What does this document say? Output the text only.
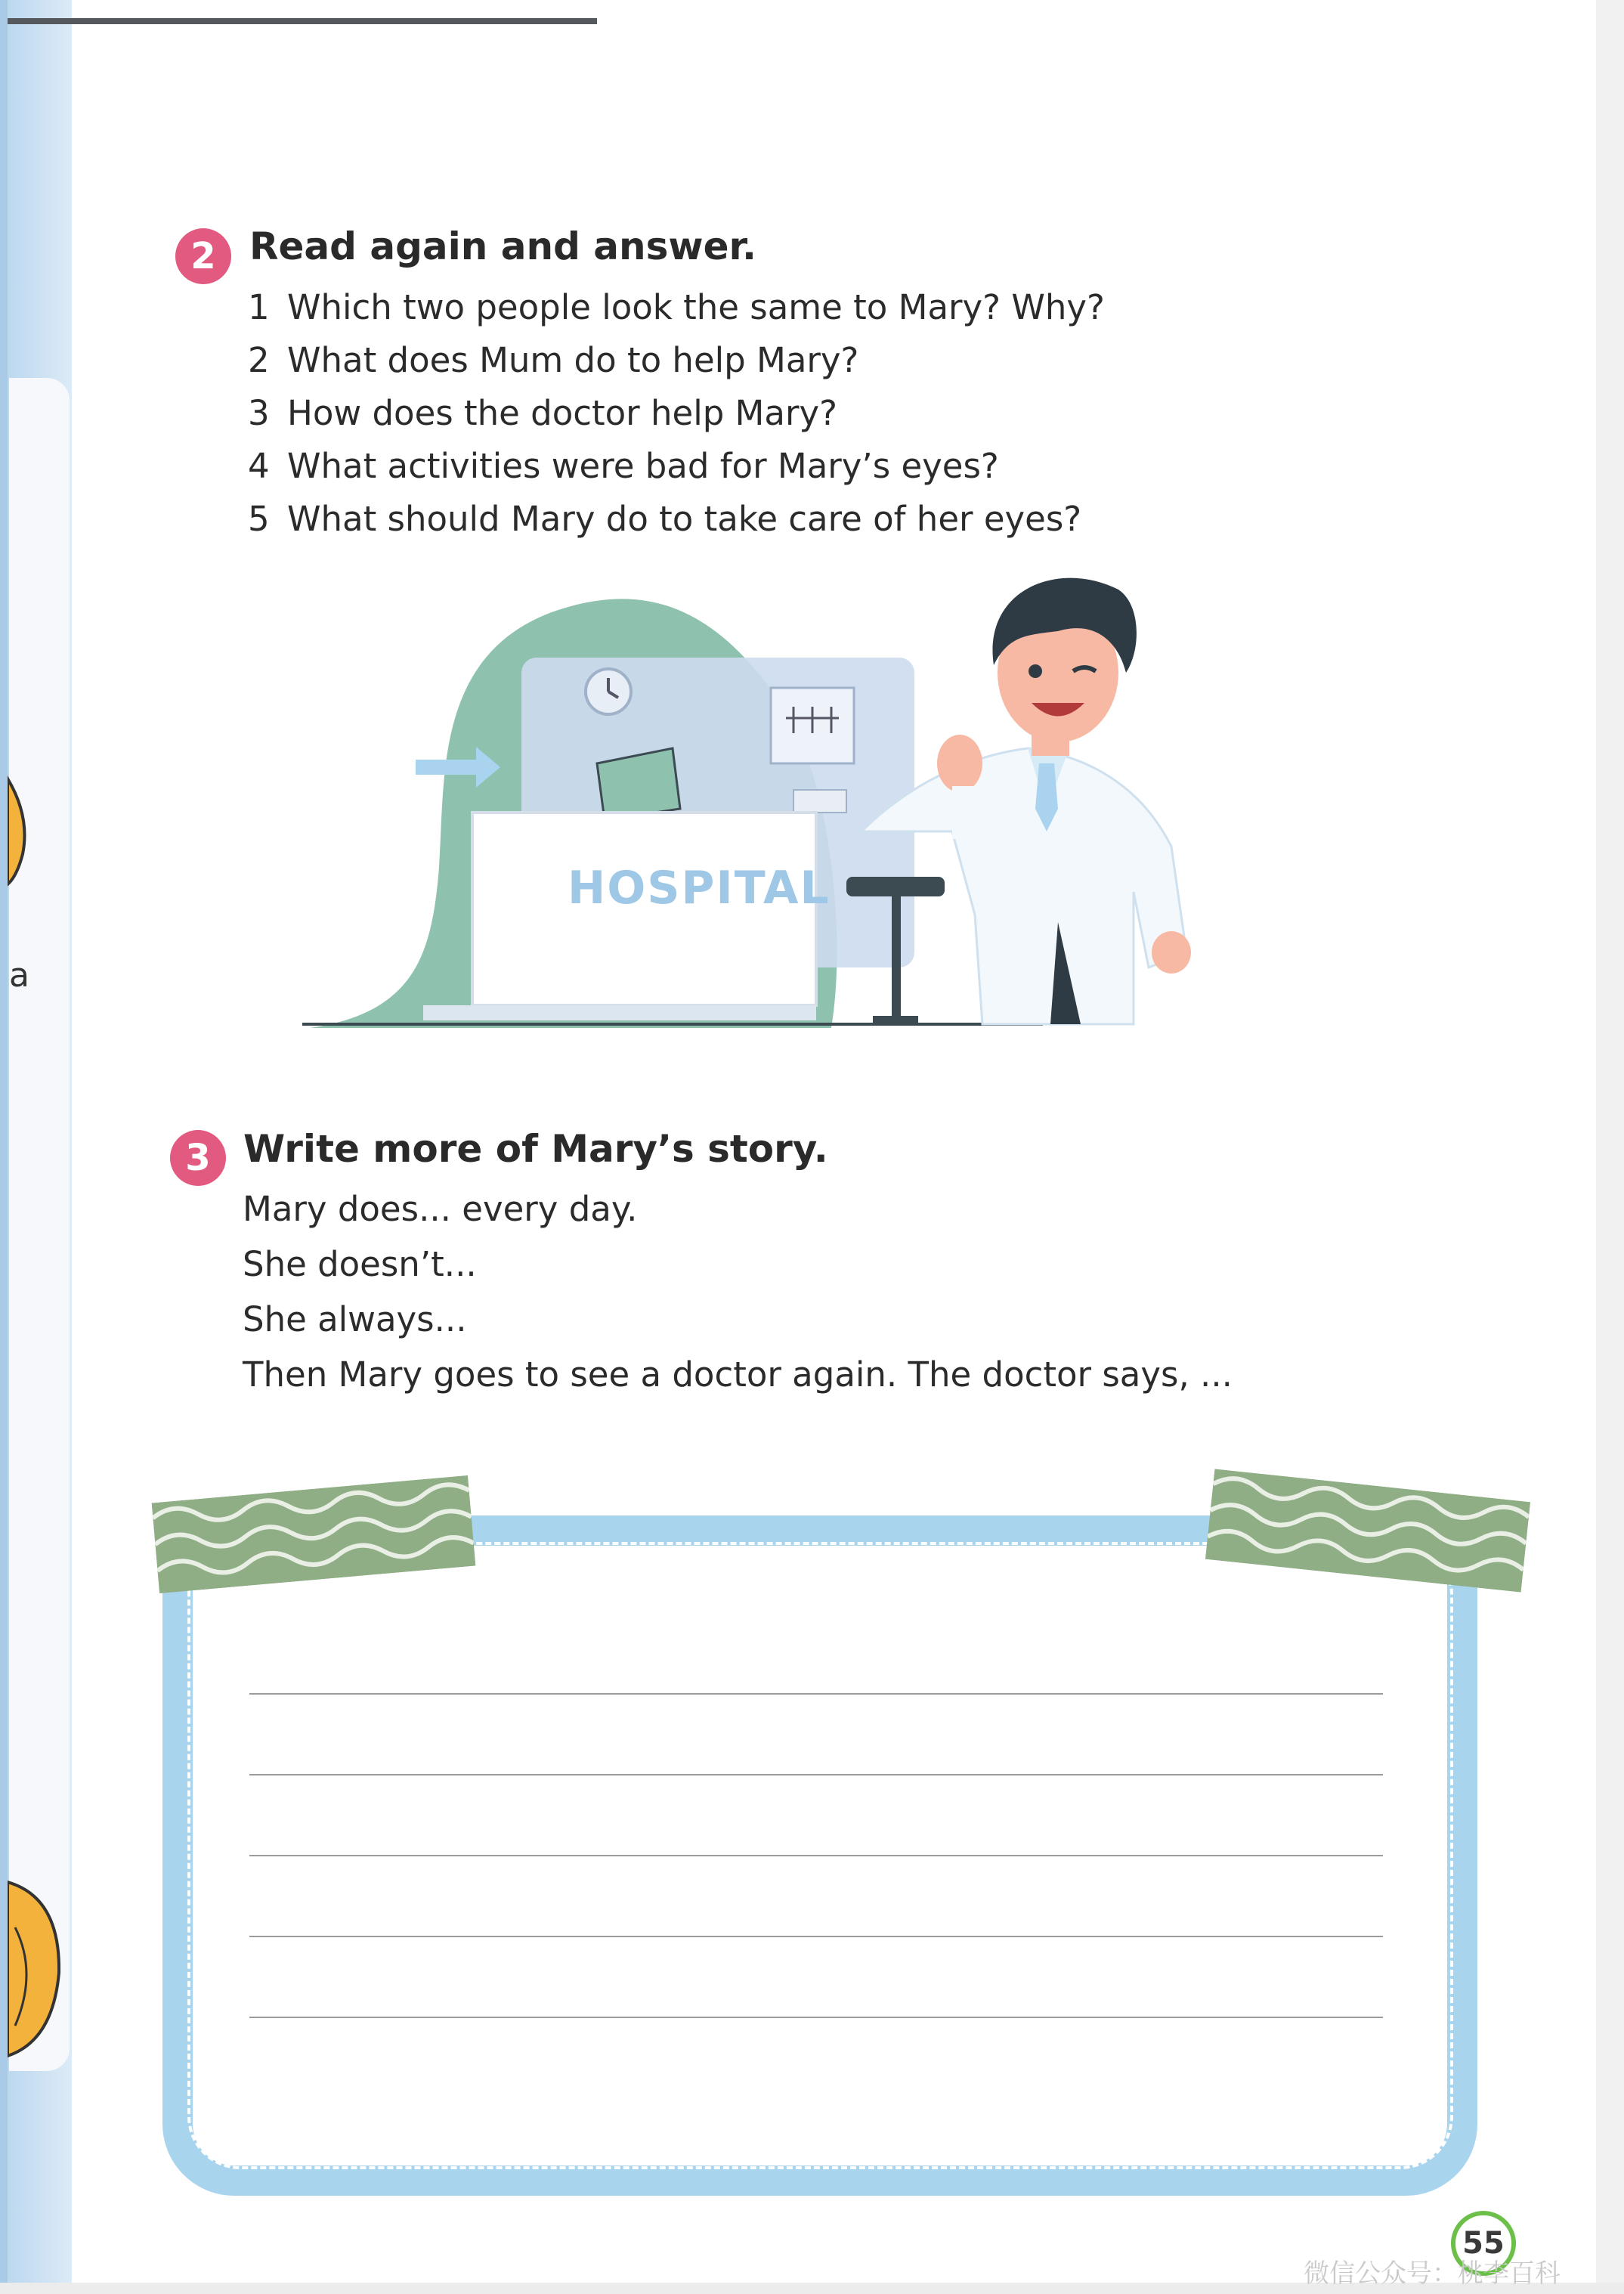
a
2 Read again and answer.
1 Which two people look the same to Mary? Why?
2 What does Mum do to help Mary?
3 How does the doctor help Mary?
4 What activities were bad for Mary’s eyes?
5 What should Mary do to take care of her eyes?
HOSPITAL
3 Write more of Mary’s story.
Mary does... every day.
She doesn’t...
She always...
Then Mary goes to see a doctor again. The doctor says, ...
55
微信公众号：桃李百科
